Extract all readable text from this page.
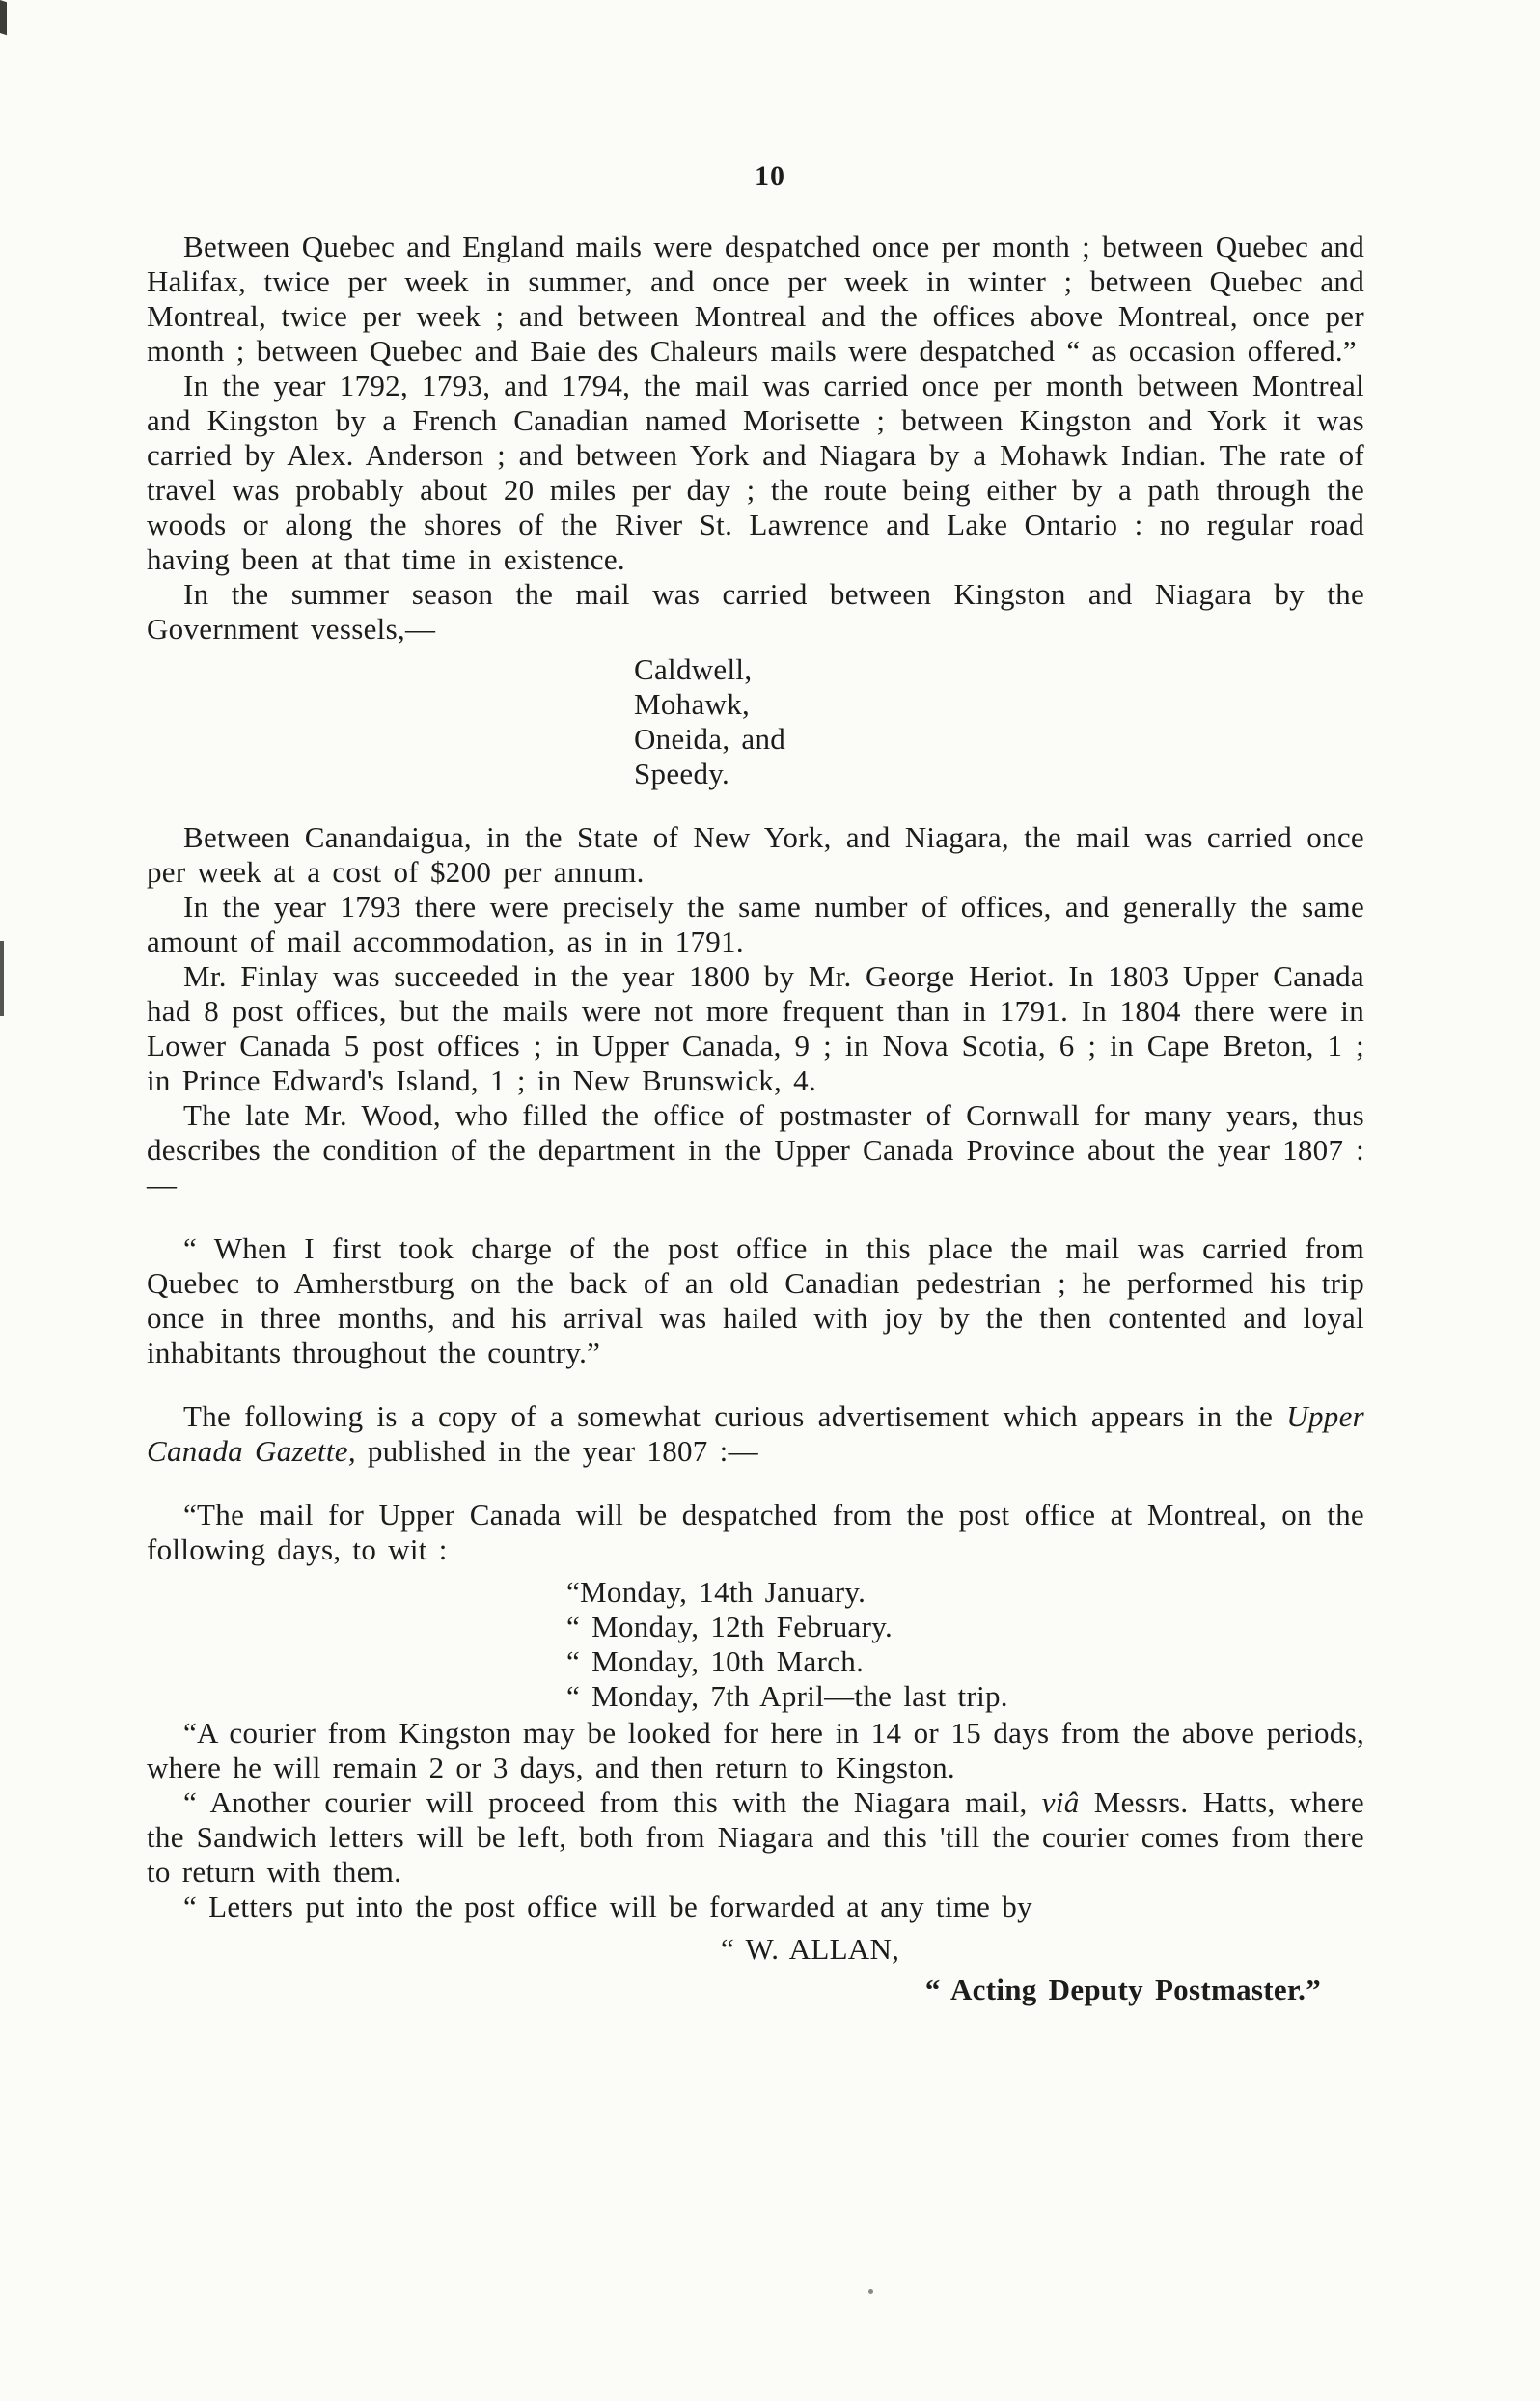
10

Between Quebec and England mails were despatched once per month ; between Quebec and Halifax, twice per week in summer, and once per week in winter ; between Quebec and Montreal, twice per week ; and between Montreal and the offices above Montreal, once per month ; between Quebec and Baie des Chaleurs mails were despatched “ as occasion offered.”

In the year 1792, 1793, and 1794, the mail was carried once per month between Montreal and Kingston by a French Canadian named Morisette ; between Kingston and York it was carried by Alex. Anderson ; and between York and Niagara by a Mohawk Indian. The rate of travel was probably about 20 miles per day ; the route being either by a path through the woods or along the shores of the River St. Lawrence and Lake Ontario : no regular road having been at that time in existence.

In the summer season the mail was carried between Kingston and Niagara by the Government vessels,—

Caldwell,
Mohawk,
Oneida, and
Speedy.

Between Canandaigua, in the State of New York, and Niagara, the mail was carried once per week at a cost of $200 per annum.

In the year 1793 there were precisely the same number of offices, and generally the same amount of mail accommodation, as in in 1791.

Mr. Finlay was succeeded in the year 1800 by Mr. George Heriot. In 1803 Upper Canada had 8 post offices, but the mails were not more frequent than in 1791. In 1804 there were in Lower Canada 5 post offices ; in Upper Canada, 9 ; in Nova Scotia, 6 ; in Cape Breton, 1 ; in Prince Edward's Island, 1 ; in New Brunswick, 4.

The late Mr. Wood, who filled the office of postmaster of Cornwall for many years, thus describes the condition of the department in the Upper Canada Province about the year 1807 :—

“ When I first took charge of the post office in this place the mail was carried from Quebec to Amherstburg on the back of an old Canadian pedestrian ; he performed his trip once in three months, and his arrival was hailed with joy by the then contented and loyal inhabitants throughout the country.”

The following is a copy of a somewhat curious advertisement which appears in the Upper Canada Gazette, published in the year 1807 :—

“The mail for Upper Canada will be despatched from the post office at Montreal, on the following days, to wit :

“Monday, 14th January.
“ Monday, 12th February.
“ Monday, 10th March.
“ Monday, 7th April—the last trip.

“A courier from Kingston may be looked for here in 14 or 15 days from the above periods, where he will remain 2 or 3 days, and then return to Kingston.

“ Another courier will proceed from this with the Niagara mail, viâ Messrs. Hatts, where the Sandwich letters will be left, both from Niagara and this 'till the courier comes from there to return with them.

“ Letters put into the post office will be forwarded at any time by

“ W. ALLAN,
“ Acting Deputy Postmaster.”
